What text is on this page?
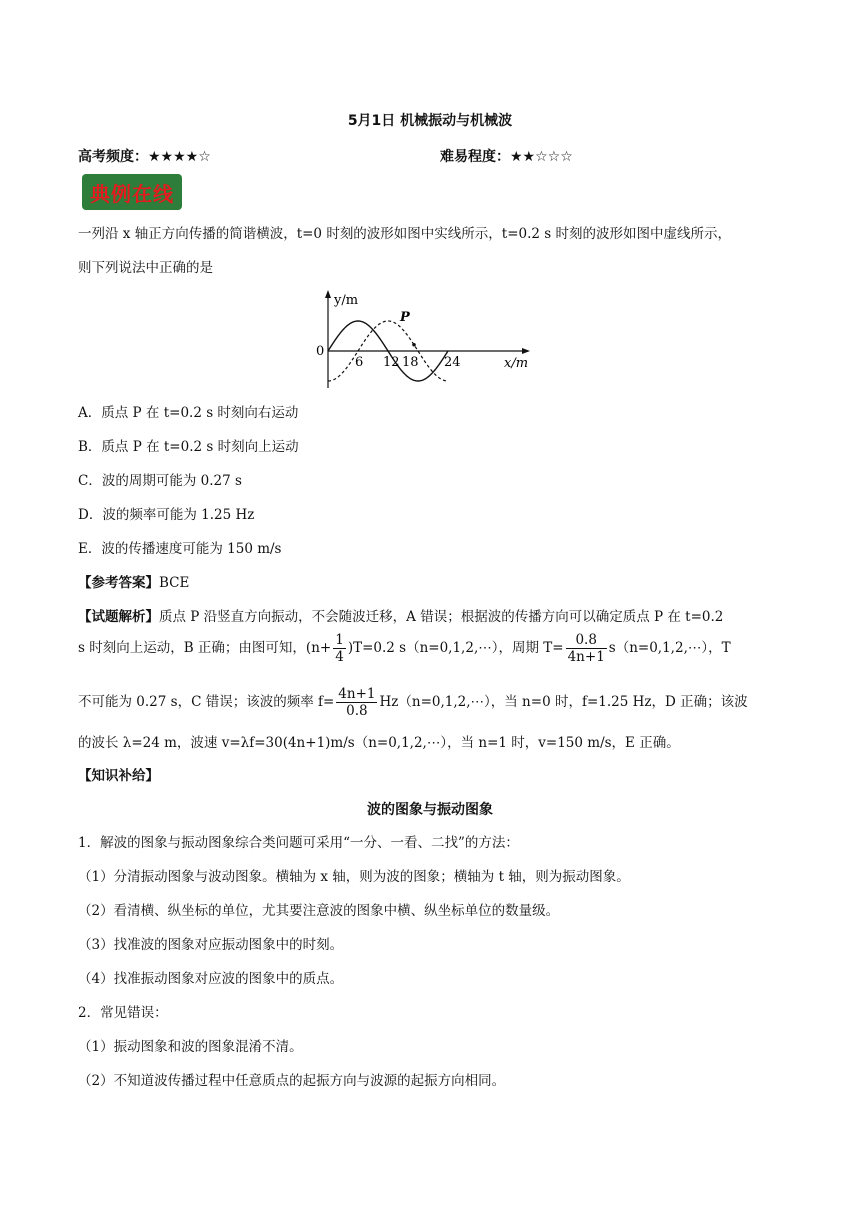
5月1日 机械振动与机械波
高考频度：★★★★☆	难易程度：★★☆☆☆
典例在线
一列沿 x 轴正方向传播的简谐横波，t=0 时刻的波形如图中实线所示，t=0.2 s 时刻的波形如图中虚线所示，
则下列说法中正确的是
y/m
x/m
0
P
6 12 18 24
A．质点 P 在 t=0.2 s 时刻向右运动
B．质点 P 在 t=0.2 s 时刻向上运动
C．波的周期可能为 0.27 s
D．波的频率可能为 1.25 Hz
E．波的传播速度可能为 150 m/s
【参考答案】BCE
【试题解析】质点 P 沿竖直方向振动，不会随波迁移，A 错误；根据波的传播方向可以确定质点 P 在 t=0.2
s 时刻向上运动，B 正确；由图可知，$(n+ \frac{1}{4} )T=0.2$ s（n=0,1,2,⋯），周期 $T= \frac{0.8}{4n+1}$ s（n=0,1,2,⋯），T
不可能为 0.27 s，C 错误；该波的频率 $f= \frac{4n+1}{0.8}$ Hz（n=0,1,2,⋯），当 n=0 时，f=1.25 Hz，D 正确；该波
的波长 λ=24 m，波速 v=λf=30(4n+1)m/s（n=0,1,2,⋯），当 n=1 时，v=150 m/s，E 正确。
【知识补给】
波的图象与振动图象
1．解波的图象与振动图象综合类问题可采用“一分、一看、二找”的方法：
（1）分清振动图象与波动图象。横轴为 x 轴，则为波的图象；横轴为 t 轴，则为振动图象。
（2）看清横、纵坐标的单位，尤其要注意波的图象中横、纵坐标单位的数量级。
（3）找准波的图象对应振动图象中的时刻。
（4）找准振动图象对应波的图象中的质点。
2．常见错误：
（1）振动图象和波的图象混淆不清。
（2）不知道波传播过程中任意质点的起振方向与波源的起振方向相同。
